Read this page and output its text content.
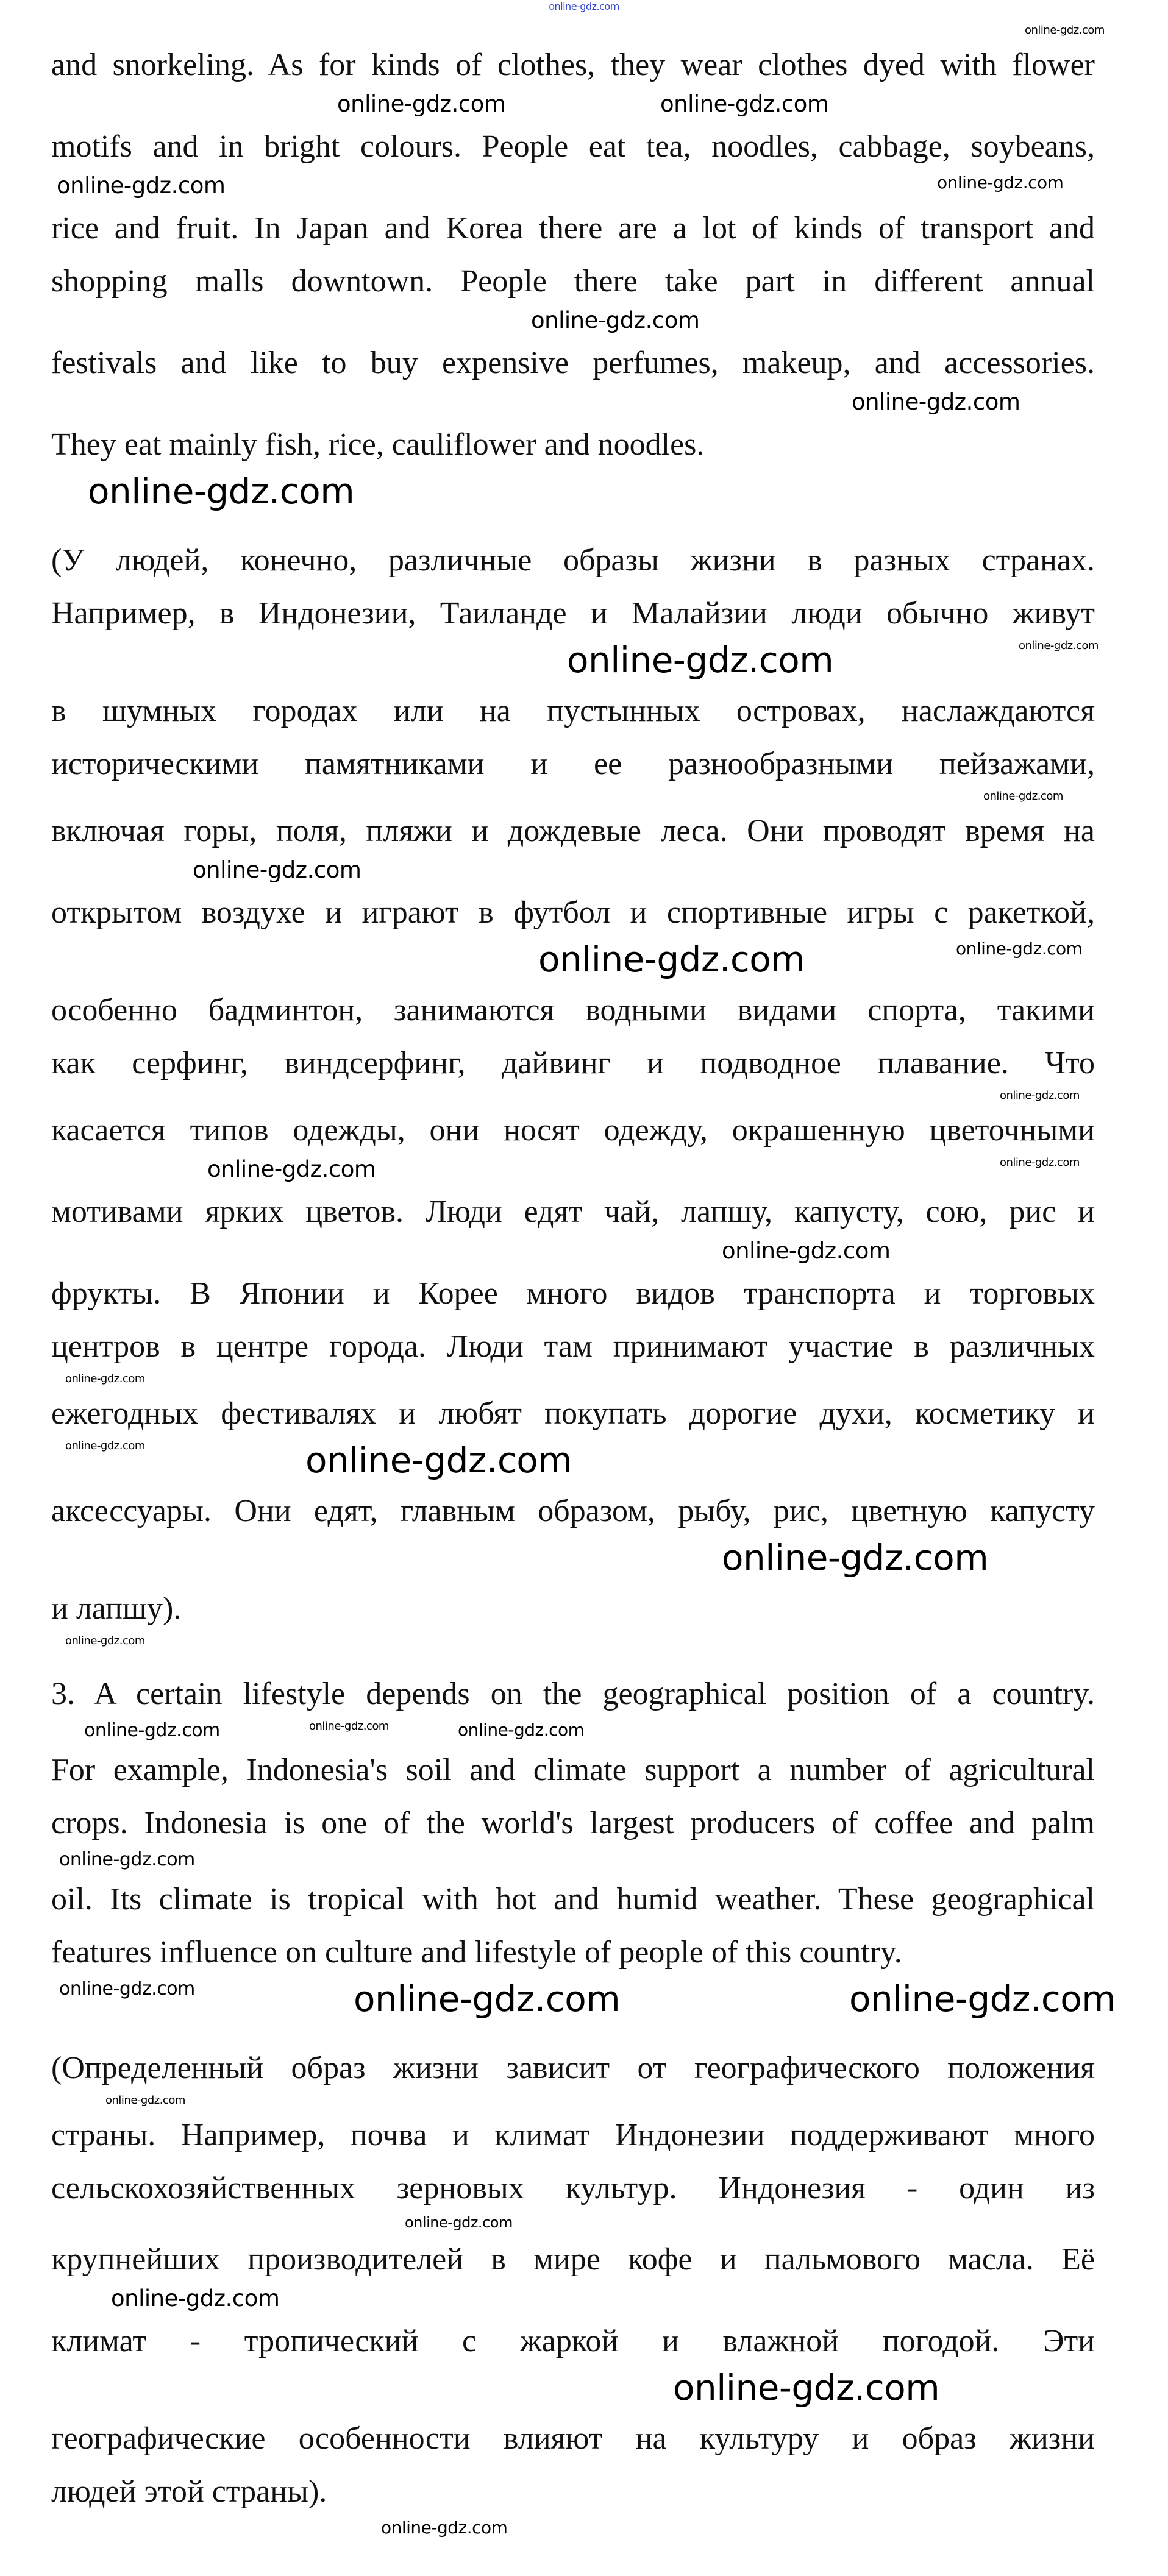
online-gdz.com
online-gdz.com
and snorkeling. As for kinds of clothes, they wear clothes dyed with flower
online-gdz.com	online-gdz.com
motifs and in bright colours. People eat tea, noodles, cabbage, soybeans,
online-gdz.com	online-gdz.com
rice and fruit. In Japan and Korea there are a lot of kinds of transport and
shopping malls downtown. People there take part in different annual
online-gdz.com
festivals and like to buy expensive perfumes, makeup, and accessories.
online-gdz.com
They eat mainly fish, rice, cauliflower and noodles.
online-gdz.com
(У людей, конечно, различные образы жизни в разных странах.
Например, в Индонезии, Таиланде и Малайзии люди обычно живут
online-gdz.com	online-gdz.com
в шумных городах или на пустынных островах, наслаждаются
историческими памятниками и ее разнообразными пейзажами,
online-gdz.com
включая горы, поля, пляжи и дождевые леса. Они проводят время на
online-gdz.com
открытом воздухе и играют в футбол и спортивные игры с ракеткой,
online-gdz.com	online-gdz.com
особенно бадминтон, занимаются водными видами спорта, такими
как серфинг, виндсерфинг, дайвинг и подводное плавание. Что
online-gdz.com
касается типов одежды, они носят одежду, окрашенную цветочными
online-gdz.com	online-gdz.com
мотивами ярких цветов. Люди едят чай, лапшу, капусту, сою, рис и
online-gdz.com
фрукты. В Японии и Корее много видов транспорта и торговых
центров в центре города. Люди там принимают участие в различных
online-gdz.com
ежегодных фестивалях и любят покупать дорогие духи, косметику и
online-gdz.com
online-gdz.com
аксессуары. Они едят, главным образом, рыбу, рис, цветную капусту
online-gdz.com
и лапшу).
online-gdz.com
3. A certain lifestyle depends on the geographical position of a country.
online-gdz.com	online-gdz.com	online-gdz.com
For example, Indonesia's soil and climate support a number of agricultural
crops. Indonesia is one of the world's largest producers of coffee and palm
online-gdz.com
oil. Its climate is tropical with hot and humid weather. These geographical
features influence on culture and lifestyle of people of this country.
online-gdz.com	online-gdz.com	online-gdz.com
(Определенный образ жизни зависит от географического положения
online-gdz.com
страны. Например, почва и климат Индонезии поддерживают много
сельскохозяйственных зерновых культур. Индонезия - один из
online-gdz.com
крупнейших производителей в мире кофе и пальмового масла. Её
online-gdz.com
климат - тропический с жаркой и влажной погодой. Эти
online-gdz.com
географические особенности влияют на культуру и образ жизни
людей этой страны).
online-gdz.com
